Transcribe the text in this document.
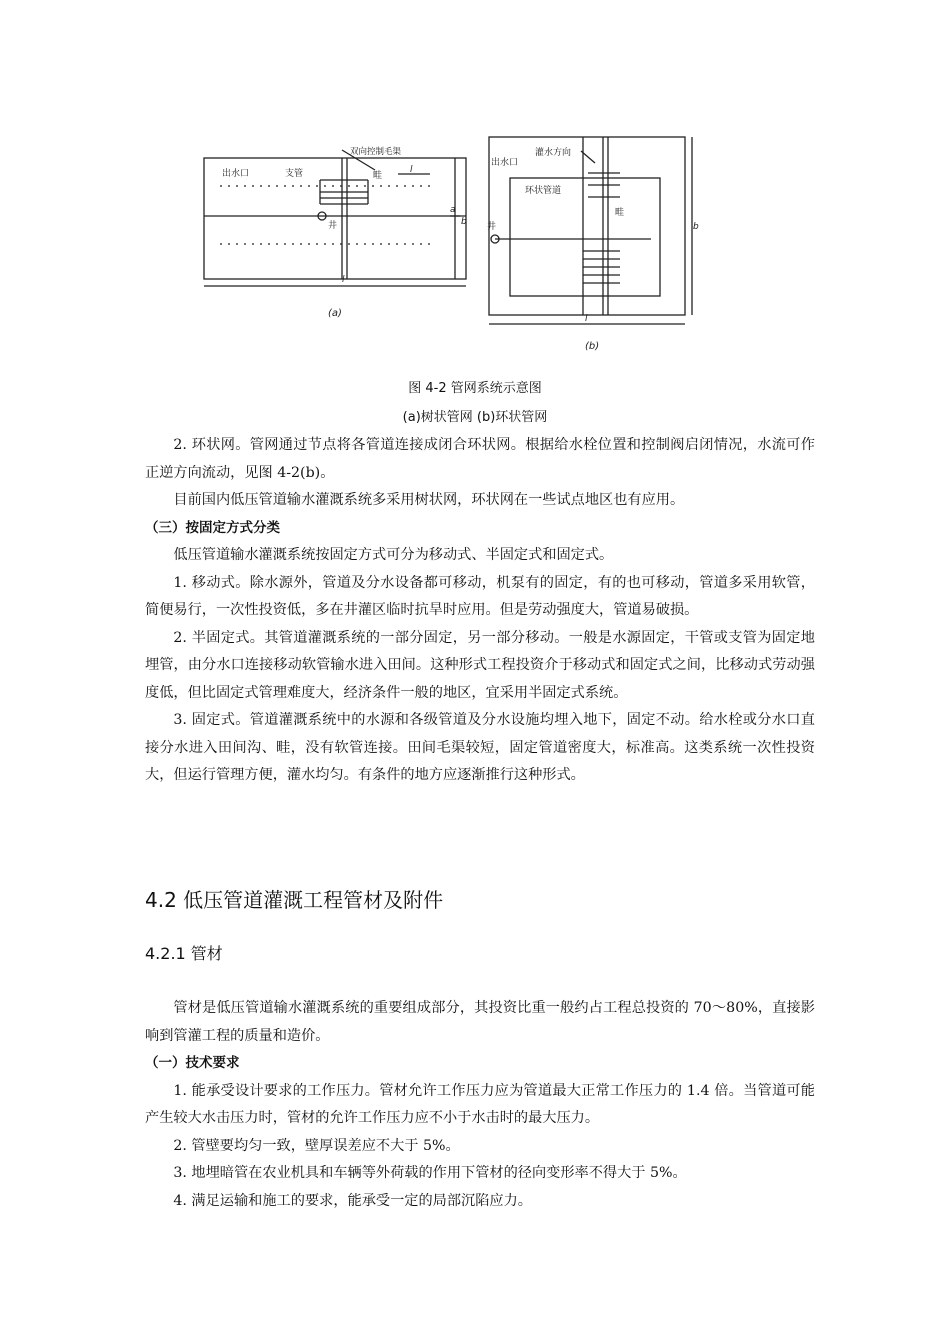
出水口	支管
双向控制毛渠
畦
井
l
a
b
l
(a)
灌水方向
出水口
环状管道
畦
井	b
l
(b)
图 4-2 管网系统示意图
(a)树状管网 (b)环状管网

2. 环状网。管网通过节点将各管道连接成闭合环状网。根据给水栓位置和控制阀启闭情况，水流可作正逆方向流动，见图 4-2(b)。

目前国内低压管道输水灌溉系统多采用树状网，环状网在一些试点地区也有应用。

（三）按固定方式分类

低压管道输水灌溉系统按固定方式可分为移动式、半固定式和固定式。

1. 移动式。除水源外，管道及分水设备都可移动，机泵有的固定，有的也可移动，管道多采用软管，简便易行，一次性投资低，多在井灌区临时抗旱时应用。但是劳动强度大，管道易破损。

2. 半固定式。其管道灌溉系统的一部分固定，另一部分移动。一般是水源固定，干管或支管为固定地埋管，由分水口连接移动软管输水进入田间。这种形式工程投资介于移动式和固定式之间，比移动式劳动强度低，但比固定式管理难度大，经济条件一般的地区，宜采用半固定式系统。

3. 固定式。管道灌溉系统中的水源和各级管道及分水设施均埋入地下，固定不动。给水栓或分水口直接分水进入田间沟、畦，没有软管连接。田间毛渠较短，固定管道密度大，标准高。这类系统一次性投资大，但运行管理方便，灌水均匀。有条件的地方应逐渐推行这种形式。

4.2 低压管道灌溉工程管材及附件
4.2.1 管材

管材是低压管道输水灌溉系统的重要组成部分，其投资比重一般约占工程总投资的 70～80%，直接影响到管灌工程的质量和造价。

（一）技术要求

1. 能承受设计要求的工作压力。管材允许工作压力应为管道最大正常工作压力的 1.4 倍。当管道可能产生较大水击压力时，管材的允许工作压力应不小于水击时的最大压力。

2. 管壁要均匀一致，壁厚误差应不大于 5%。

3. 地埋暗管在农业机具和车辆等外荷载的作用下管材的径向变形率不得大于 5%。

4. 满足运输和施工的要求，能承受一定的局部沉陷应力。
